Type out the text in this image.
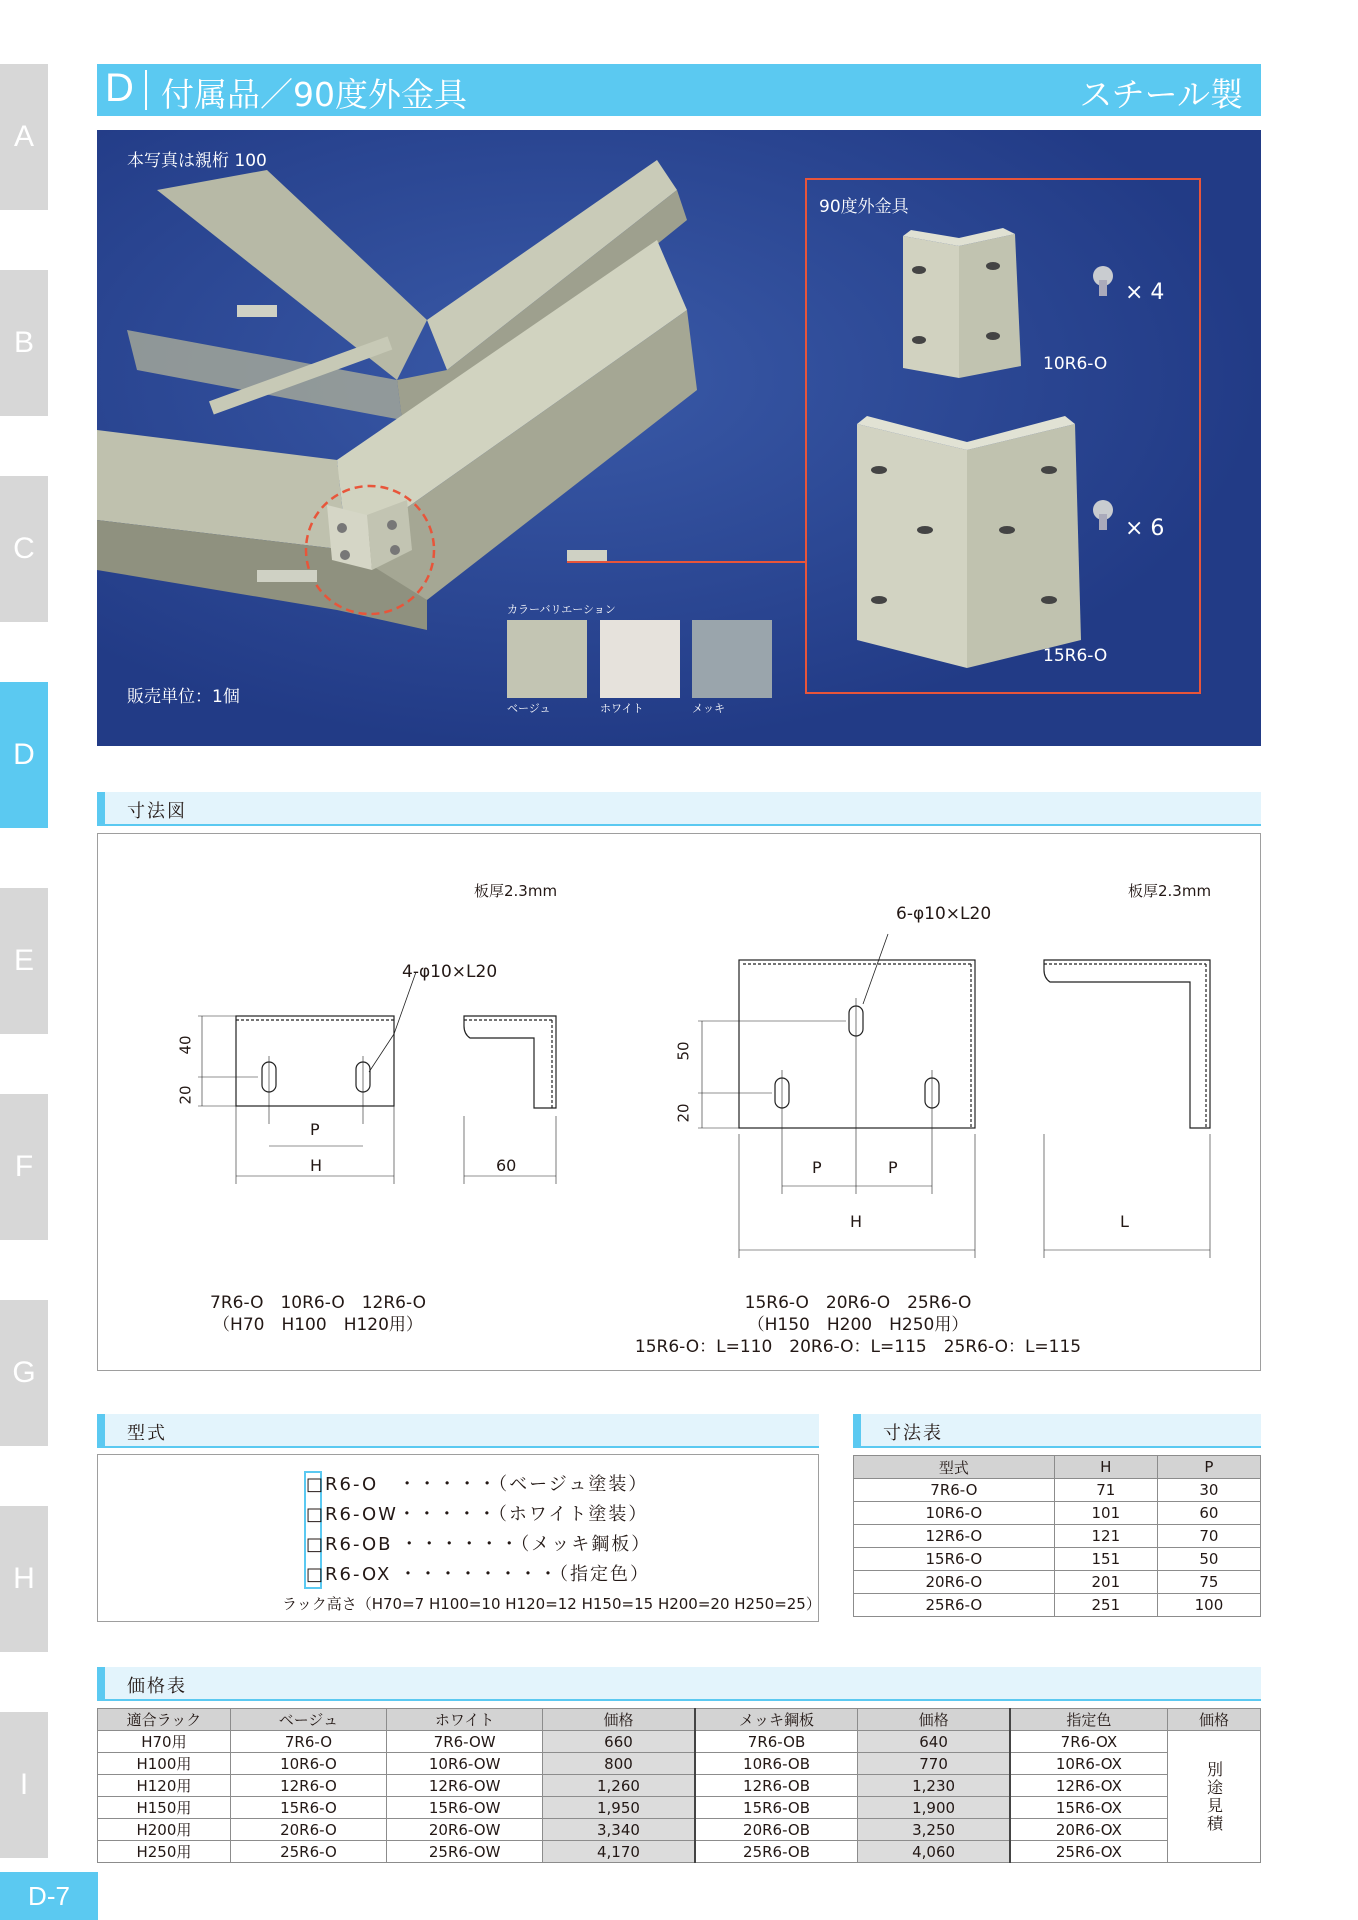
A
B
C
D
E
F
G
H
I
D-7
D 付属品／90度外金具	スチール製
本写真は親桁 100
販売単位：1個
カラーバリエーション
ベージュ	ホワイト	メッキ
90度外金具
× 4
10R6-O
× 6
15R6-O
寸法図
板厚2.3mm	板厚2.3mm
4-φ10×L20
6-φ10×L20
40
20
P
H	60
50
20
P	P
H	L
7R6-O　10R6-O　12R6-O
（H70　H100　H120用）
15R6-O　20R6-O　25R6-O
（H150　H200　H250用）
15R6-O：L=110　20R6-O：L=115　25R6-O：L=115
型式
□R6-O　・・・・・（ベージュ塗装）
□R6-OW・・・・・（ホワイト塗装）
□R6-OB ・・・・・・（メッキ鋼板）
□R6-OX ・・・・・・・・（指定色）
ラック高さ（H70=7 H100=10 H120=12 H150=15 H200=20 H250=25）
寸法表
型式	H	P
7R6-O	71	30
10R6-O	101	60
12R6-O	121	70
15R6-O	151	50
20R6-O	201	75
25R6-O	251	100
価格表
適合ラック	ベージュ	ホワイト	価格	メッキ鋼板	価格	指定色	価格
H70用	7R6-O	7R6-OW	660	7R6-OB	640	7R6-OX	別途見積
H100用	10R6-O	10R6-OW	800	10R6-OB	770	10R6-OX	
H120用	12R6-O	12R6-OW	1,260	12R6-OB	1,230	12R6-OX	
H150用	15R6-O	15R6-OW	1,950	15R6-OB	1,900	15R6-OX	
H200用	20R6-O	20R6-OW	3,340	20R6-OB	3,250	20R6-OX	
H250用	25R6-O	25R6-OW	4,170	25R6-OB	4,060	25R6-OX	
